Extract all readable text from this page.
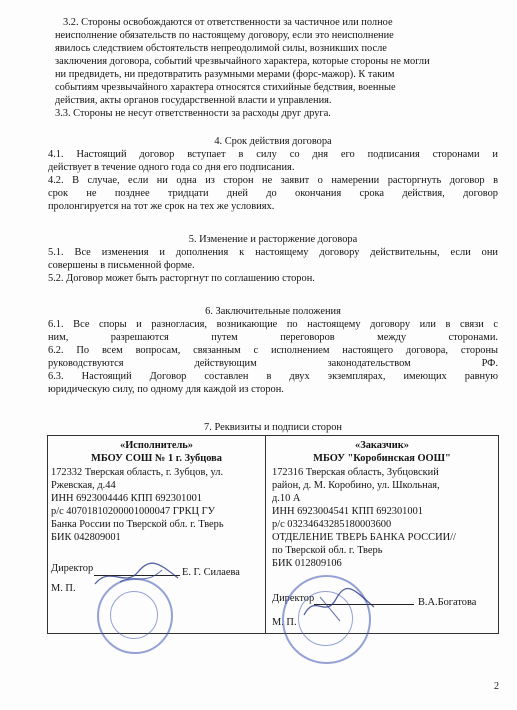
3.2. Стороны освобождаются от ответственности за частичное или полное
неисполнение обязательств по настоящему договору, если это неисполнение
явилось следствием обстоятельств непреодолимой силы, возникших после
заключения договора, событий чрезвычайного характера, которые стороны не могли
ни предвидеть, ни предотвратить разумными мерами (форс-мажор). К таким
событиям чрезвычайного характера относятся стихийные бедствия, военные
действия, акты органов государственной власти и управления.
3.3. Стороны не несут ответственности за расходы друг друга.
4. Срок действия договора
4.1. Настоящий договор вступает в силу со дня его подписания сторонами и
действует в течение одного года со дня его подписания.
4.2. В случае, если ни одна из сторон не заявит о намерении расторгнуть договор в
срок не позднее тридцати дней до окончания срока действия, договор
пролонгируется на тот же срок на тех же условиях.
5. Изменение и расторжение договора
5.1. Все изменения и дополнения к настоящему договору действительны, если они
совершены в письменной форме.
5.2. Договор может быть расторгнут по соглашению сторон.
6. Заключительные положения
6.1. Все споры и разногласия, возникающие по настоящему договору или в связи с
ним, разрешаются путем переговоров между сторонами.
6.2. По всем вопросам, связанным с исполнением настоящего договора, стороны
руководствуются действующим законодательством РФ.
6.3. Настоящий Договор составлен в двух экземплярах, имеющих равную
юридическую силу, по одному для каждой из сторон.
7. Реквизиты и подписи сторон
«Исполнитель»
МБОУ СОШ № 1 г. Зубцова
172332 Тверская область, г. Зубцов, ул.
Ржевская, д.44
ИНН 6923004446 КПП 692301001
р/с 40701810200001000047 ГРКЦ ГУ
Банка России по Тверской обл. г. Тверь
БИК 042809001
Директор	Е. Г. Силаева
М. П.
«Заказчик»
МБОУ "Коробинская ООШ"
172316 Тверская область, Зубцовский
район, д. М. Коробино, ул. Школьная,
д.10 А
ИНН 6923004541 КПП 692301001
р/с 03234643285180003600
ОТДЕЛЕНИЕ ТВЕРЬ БАНКА РОССИИ//
по Тверской обл. г. Тверь
БИК 012809106
Директор	В.А.Богатова
М. П.
2
